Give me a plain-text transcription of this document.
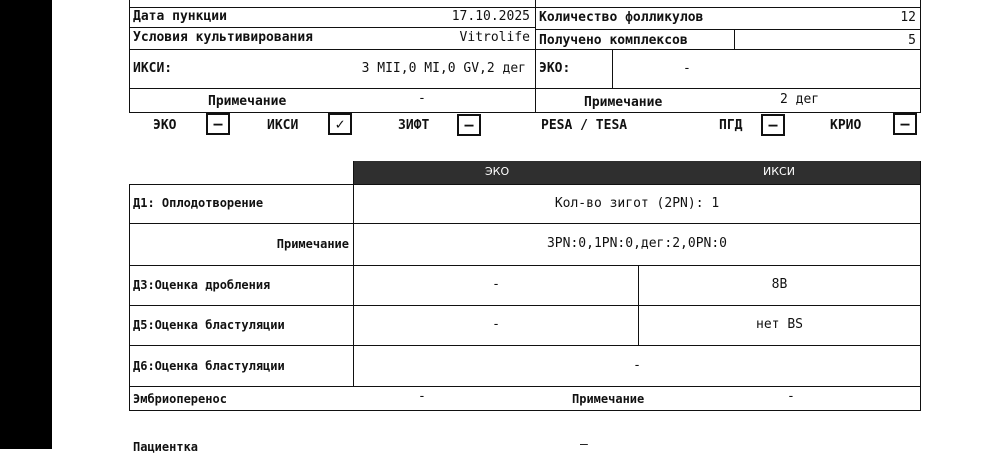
Дата пункции	17.10.2025 Количество фолликулов	12
Условия культивирования	Vitrolife Получено комплексов	5
ИКСИ:	3 MII,0 MI,0 GV,2 дег ЭКО:	-
Примечание	-	Примечание	2 дег
ЭКО	–	ИКСИ	✓	ЗИФТ	–	PESA / TESA	ПГД	–	КРИО	–
ЭКО	ИКСИ
Д1: Оплодотворение	Кол-во зигот (2PN): 1
Примечание	3PN:0,1PN:0,дег:2,0PN:0
Д3:Оценка дробления	-	8B
Д5:Оценка бластуляции	-	нет BS
Д6:Оценка бластуляции	-
Эмбриоперенос	-	Примечание	-
Пациентка	–
